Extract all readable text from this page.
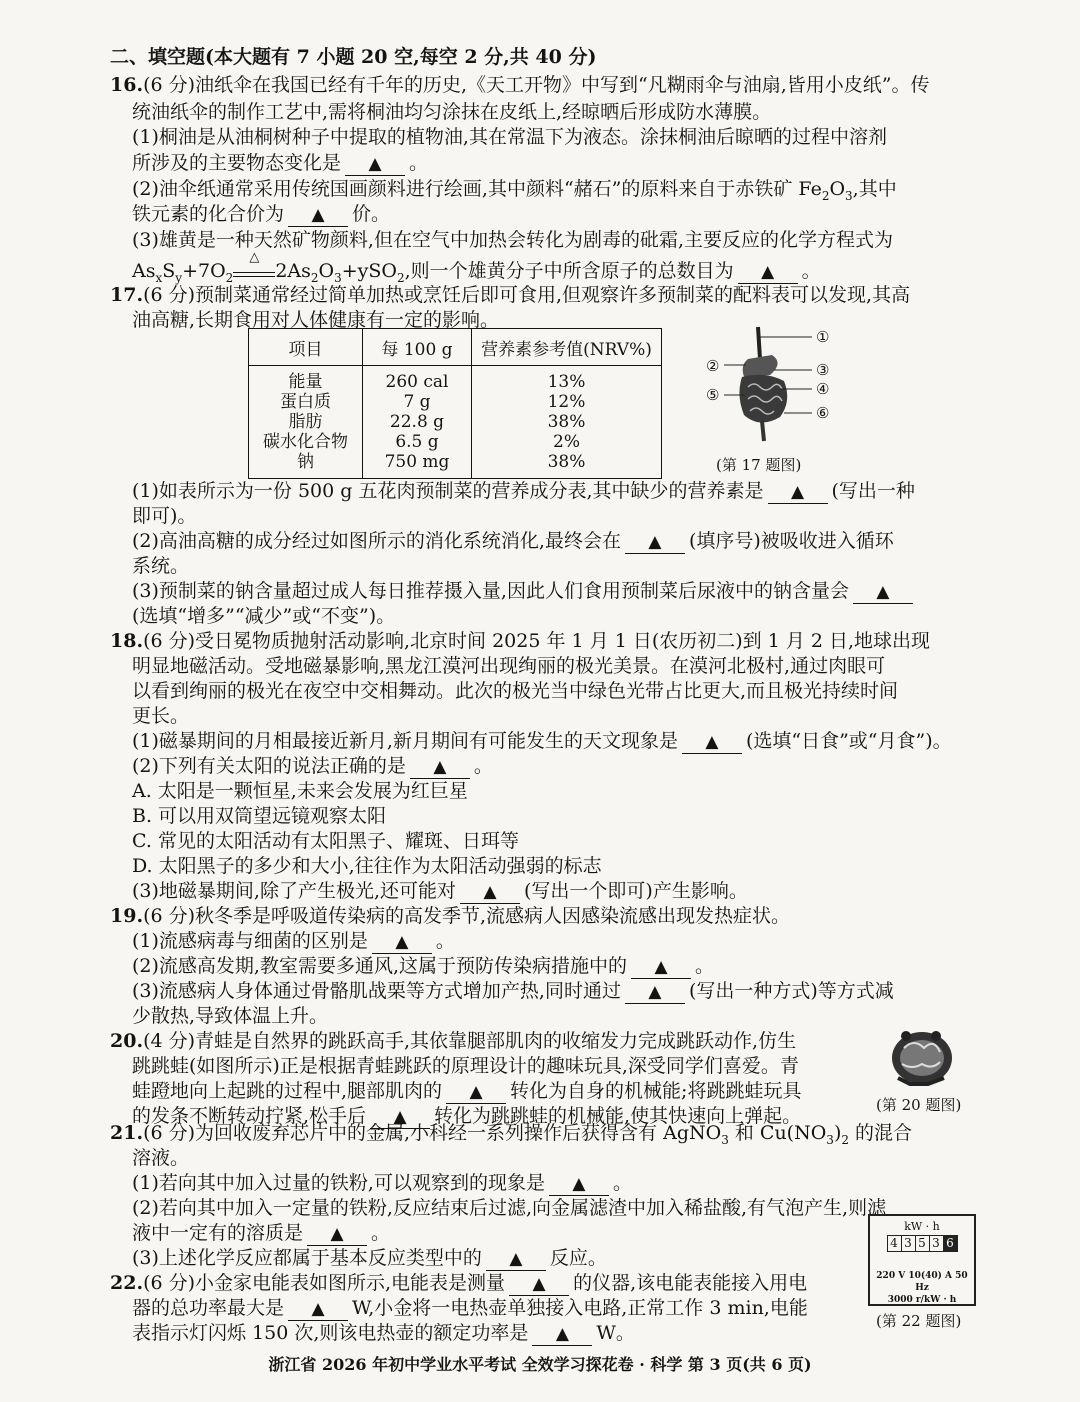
二、填空题(本大题有 7 小题 20 空,每空 2 分,共 40 分)
16.(6 分)油纸伞在我国已经有千年的历史,《天工开物》中写到“凡糊雨伞与油扇,皆用小皮纸”。传
统油纸伞的制作工艺中,需将桐油均匀涂抹在皮纸上,经晾晒后形成防水薄膜。
(1)桐油是从油桐树种子中提取的植物油,其在常温下为液态。涂抹桐油后晾晒的过程中溶剂
所涉及的主要物态变化是 ▲ 。
(2)油伞纸通常采用传统国画颜料进行绘画,其中颜料“赭石”的原料来自于赤铁矿 $Fe_2O_3$,其中
铁元素的化合价为 ▲ 价。
(3)雄黄是一种天然矿物颜料,但在空气中加热会转化为剧毒的砒霜,主要反应的化学方程式为
$As_xS_y+7O_2$
△
$2As_2O_3+ySO_2$,则一个雄黄分子中所含原子的总数目为 ▲ 。
17.(6 分)预制菜通常经过简单加热或烹饪后即可食用,但观察许多预制菜的配料表可以发现,其高
油高糖,长期食用对人体健康有一定的影响。
项目	每 100 g	营养素参考值(NRV%)
能量	260 cal	13%
蛋白质	7 g	12%
脂肪	22.8 g	38%
碳水化合物	6.5 g	2%
钠	750 mg	38%
①
②	③
④
⑤
⑥
(第 17 题图)
(1)如表所示为一份 500 g 五花肉预制菜的营养成分表,其中缺少的营养素是 ▲ (写出一种
即可)。
(2)高油高糖的成分经过如图所示的消化系统消化,最终会在 ▲ (填序号)被吸收进入循环
系统。
(3)预制菜的钠含量超过成人每日推荐摄入量,因此人们食用预制菜后尿液中的钠含量会 ▲
(选填“增多”“减少”或“不变”)。
18.(6 分)受日冕物质抛射活动影响,北京时间 2025 年 1 月 1 日(农历初二)到 1 月 2 日,地球出现
明显地磁活动。受地磁暴影响,黑龙江漠河出现绚丽的极光美景。在漠河北极村,通过肉眼可
以看到绚丽的极光在夜空中交相舞动。此次的极光当中绿色光带占比更大,而且极光持续时间
更长。
(1)磁暴期间的月相最接近新月,新月期间有可能发生的天文现象是 ▲ (选填“日食”或“月食”)。
(2)下列有关太阳的说法正确的是 ▲ 。
A. 太阳是一颗恒星,未来会发展为红巨星
B. 可以用双筒望远镜观察太阳
C. 常见的太阳活动有太阳黑子、耀斑、日珥等
D. 太阳黑子的多少和大小,往往作为太阳活动强弱的标志
(3)地磁暴期间,除了产生极光,还可能对 ▲ (写出一个即可)产生影响。
19.(6 分)秋冬季是呼吸道传染病的高发季节,流感病人因感染流感出现发热症状。
(1)流感病毒与细菌的区别是 ▲ 。
(2)流感高发期,教室需要多通风,这属于预防传染病措施中的 ▲ 。
(3)流感病人身体通过骨骼肌战栗等方式增加产热,同时通过 ▲ (写出一种方式)等方式减
少散热,导致体温上升。
20.(4 分)青蛙是自然界的跳跃高手,其依靠腿部肌肉的收缩发力完成跳跃动作,仿生
跳跳蛙(如图所示)正是根据青蛙跳跃的原理设计的趣味玩具,深受同学们喜爱。青
蛙蹬地向上起跳的过程中,腿部肌肉的 ▲ 转化为自身的机械能;将跳跳蛙玩具
的发条不断转动拧紧,松手后 ▲ 转化为跳跳蛙的机械能,使其快速向上弹起。	(第 20 题图)
21.(6 分)为回收废弃芯片中的金属,小科经一系列操作后获得含有 AgNO$_3$ 和 $Cu(NO_3)_2$ 的混合
溶液。
(1)若向其中加入过量的铁粉,可以观察到的现象是 ▲ 。
(2)若向其中加入一定量的铁粉,反应结束后过滤,向金属滤渣中加入稀盐酸,有气泡产生,则滤
液中一定有的溶质是 ▲ 。
(3)上述化学反应都属于基本反应类型中的 ▲ 反应。
22.(6 分)小金家电能表如图所示,电能表是测量 ▲ 的仪器,该电能表能接入用电
器的总功率最大是 ▲ W,小金将一电热壶单独接入电路,正常工作 3 min,电能
表指示灯闪烁 150 次,则该电热壶的额定功率是 ▲ W。
kW · h
4 3 5 3 6
220 V 10(40) A 50 Hz
3000 r/kW · h
(第 22 题图)
浙江省 2026 年初中学业水平考试 全效学习探花卷 · 科学 第 3 页(共 6 页)
